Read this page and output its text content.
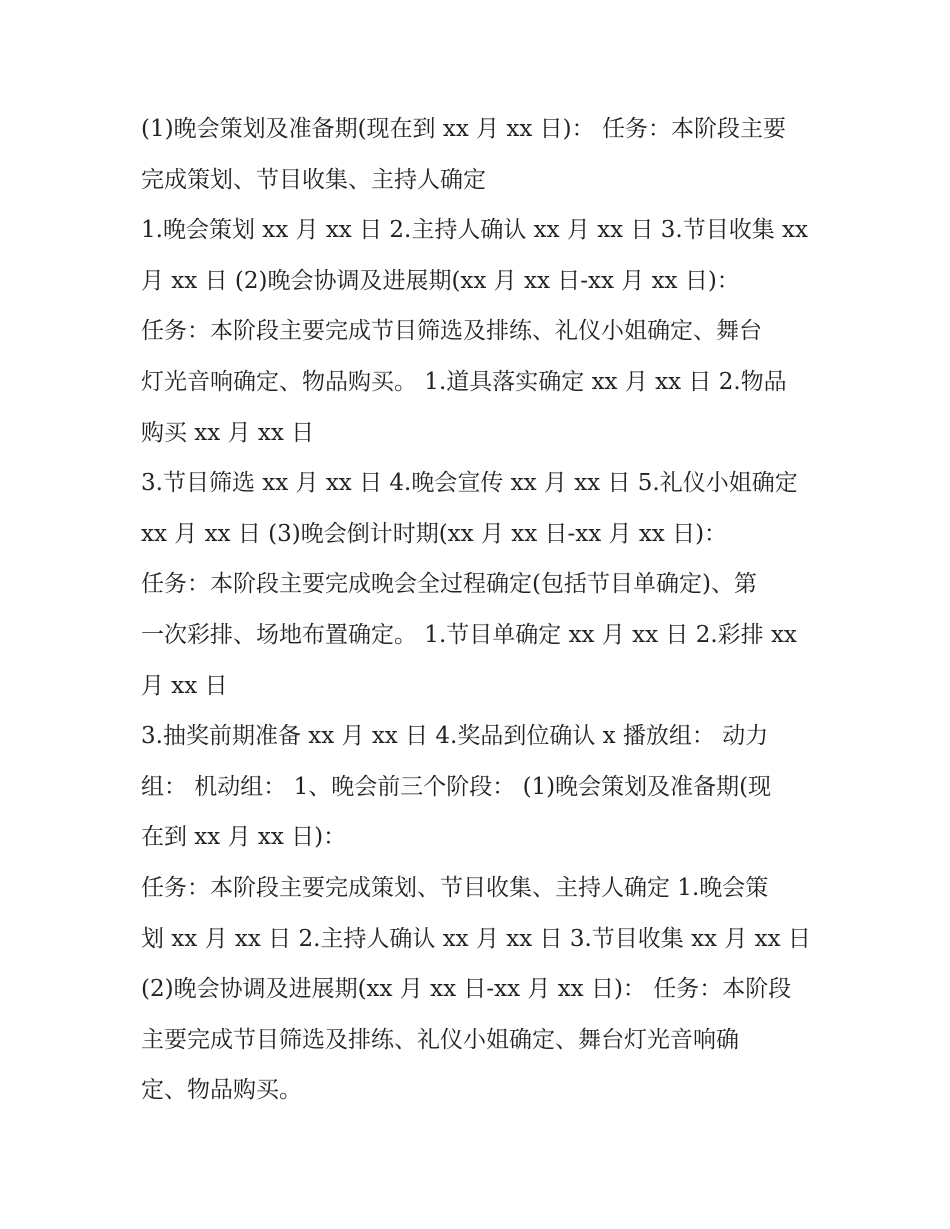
(1)晚会策划及准备期(现在到 xx 月 xx 日)： 任务：本阶段主要
完成策划、节目收集、主持人确定
1.晚会策划 xx 月 xx 日 2.主持人确认 xx 月 xx 日 3.节目收集 xx
月 xx 日 (2)晚会协调及进展期(xx 月 xx 日-xx 月 xx 日)：
任务：本阶段主要完成节目筛选及排练、礼仪小姐确定、舞台
灯光音响确定、物品购买。 1.道具落实确定 xx 月 xx 日 2.物品
购买 xx 月 xx 日
3.节目筛选 xx 月 xx 日 4.晚会宣传 xx 月 xx 日 5.礼仪小姐确定
xx 月 xx 日 (3)晚会倒计时期(xx 月 xx 日-xx 月 xx 日)：
任务：本阶段主要完成晚会全过程确定(包括节目单确定)、第
一次彩排、场地布置确定。 1.节目单确定 xx 月 xx 日 2.彩排 xx
月 xx 日
3.抽奖前期准备 xx 月 xx 日 4.奖品到位确认 x 播放组： 动力
组： 机动组： 1、晚会前三个阶段： (1)晚会策划及准备期(现
在到 xx 月 xx 日)：
任务：本阶段主要完成策划、节目收集、主持人确定 1.晚会策
划 xx 月 xx 日 2.主持人确认 xx 月 xx 日 3.节目收集 xx 月 xx 日
(2)晚会协调及进展期(xx 月 xx 日-xx 月 xx 日)： 任务：本阶段
主要完成节目筛选及排练、礼仪小姐确定、舞台灯光音响确
定、物品购买。
